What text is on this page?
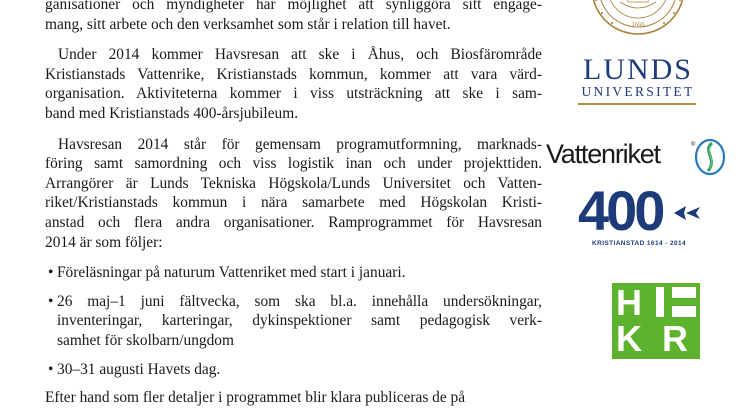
ganisationer och myndigheter har möjlighet att synliggöra sitt engage-
mang, sitt arbete och den verksamhet som står i relation till havet.

Under 2014 kommer Havsresan att ske i Åhus, och Biosfärområde
Kristianstads Vattenrike, Kristianstads kommun, kommer att vara värd-
organisation. Aktiviteterna kommer i viss utsträckning att ske i sam-
band med Kristianstads 400-årsjubileum.

Havsresan 2014 står för gemensam programutformning, marknads-
föring samt samordning och viss logistik inan och under projekttiden.
Arrangörer är Lunds Tekniska Högskola/Lunds Universitet och Vatten-
riket/Kristianstads kommun i nära samarbete med Högskolan Kristi-
anstad och flera andra organisationer. Ramprogrammet för Havsresan
2014 är som följer:

• Föreläsningar på naturum Vattenriket med start i januari.
• 26 maj–1 juni fältvecka, som ska bl.a. innehålla undersökningar,
inventeringar, karteringar, dykinspektioner samt pedagogisk verk-
samhet för skolbarn/ungdom
• 30–31 augusti Havets dag.

Efter hand som fler detaljer i programmet blir klara publiceras de på

1666
LUNDS
UNIVERSITET
Vattenriket	®
400
KRISTIANSTAD 1614 - 2014
H
K R
